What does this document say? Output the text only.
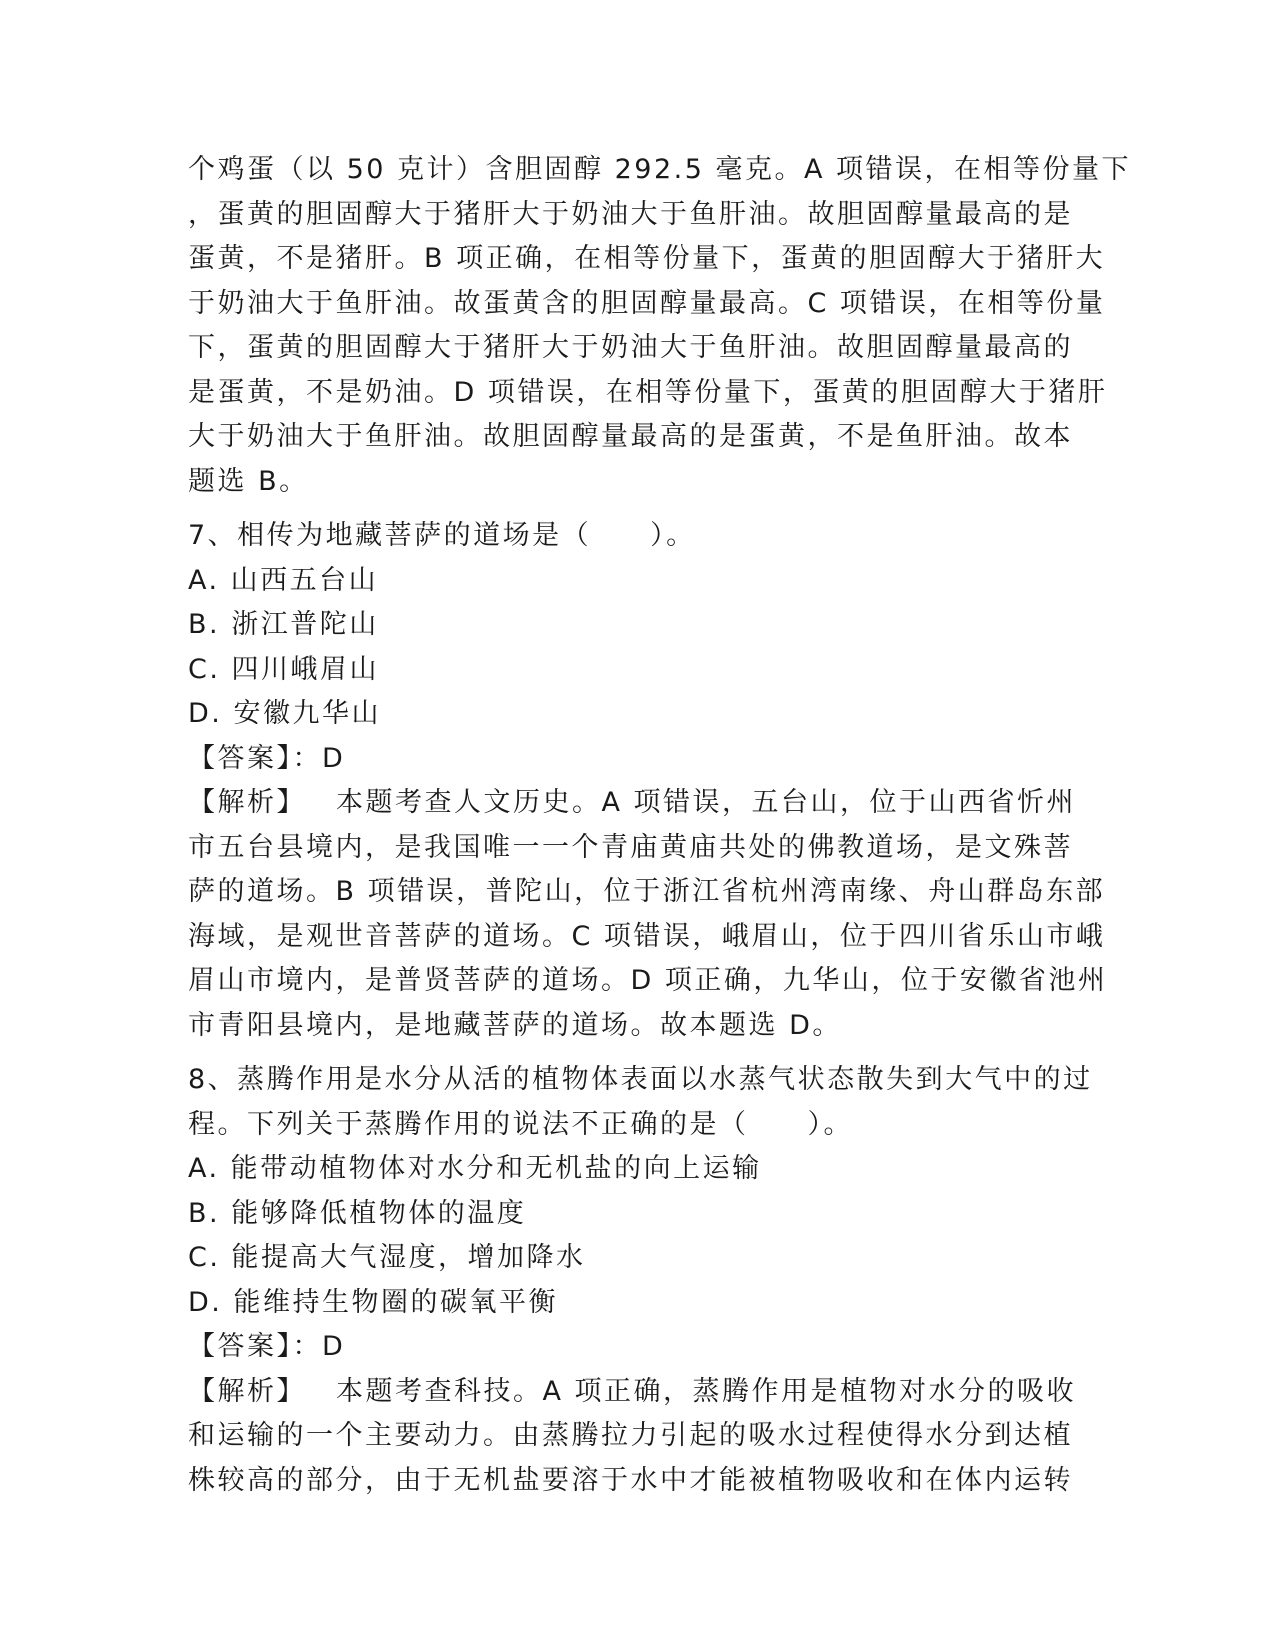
个鸡蛋（以 50 克计）含胆固醇 292.5 毫克。A 项错误，在相等份量下
，蛋黄的胆固醇大于猪肝大于奶油大于鱼肝油。故胆固醇量最高的是
蛋黄，不是猪肝。B 项正确，在相等份量下，蛋黄的胆固醇大于猪肝大
于奶油大于鱼肝油。故蛋黄含的胆固醇量最高。C 项错误，在相等份量
下，蛋黄的胆固醇大于猪肝大于奶油大于鱼肝油。故胆固醇量最高的
是蛋黄，不是奶油。D 项错误，在相等份量下，蛋黄的胆固醇大于猪肝
大于奶油大于鱼肝油。故胆固醇量最高的是蛋黄，不是鱼肝油。故本
题选 B。
7、相传为地藏菩萨的道场是（　　）。
A. 山西五台山
B. 浙江普陀山
C. 四川峨眉山
D. 安徽九华山
【答案】：D
【解析】 本题考查人文历史。A 项错误，五台山，位于山西省忻州
市五台县境内，是我国唯一一个青庙黄庙共处的佛教道场，是文殊菩
萨的道场。B 项错误，普陀山，位于浙江省杭州湾南缘、舟山群岛东部
海域，是观世音菩萨的道场。C 项错误，峨眉山，位于四川省乐山市峨
眉山市境内，是普贤菩萨的道场。D 项正确，九华山，位于安徽省池州
市青阳县境内，是地藏菩萨的道场。故本题选 D。
8、蒸腾作用是水分从活的植物体表面以水蒸气状态散失到大气中的过
程。下列关于蒸腾作用的说法不正确的是（　　）。
A. 能带动植物体对水分和无机盐的向上运输
B. 能够降低植物体的温度
C. 能提高大气湿度，增加降水
D. 能维持生物圈的碳氧平衡
【答案】：D
【解析】 本题考查科技。A 项正确，蒸腾作用是植物对水分的吸收
和运输的一个主要动力。由蒸腾拉力引起的吸水过程使得水分到达植
株较高的部分，由于无机盐要溶于水中才能被植物吸收和在体内运转
